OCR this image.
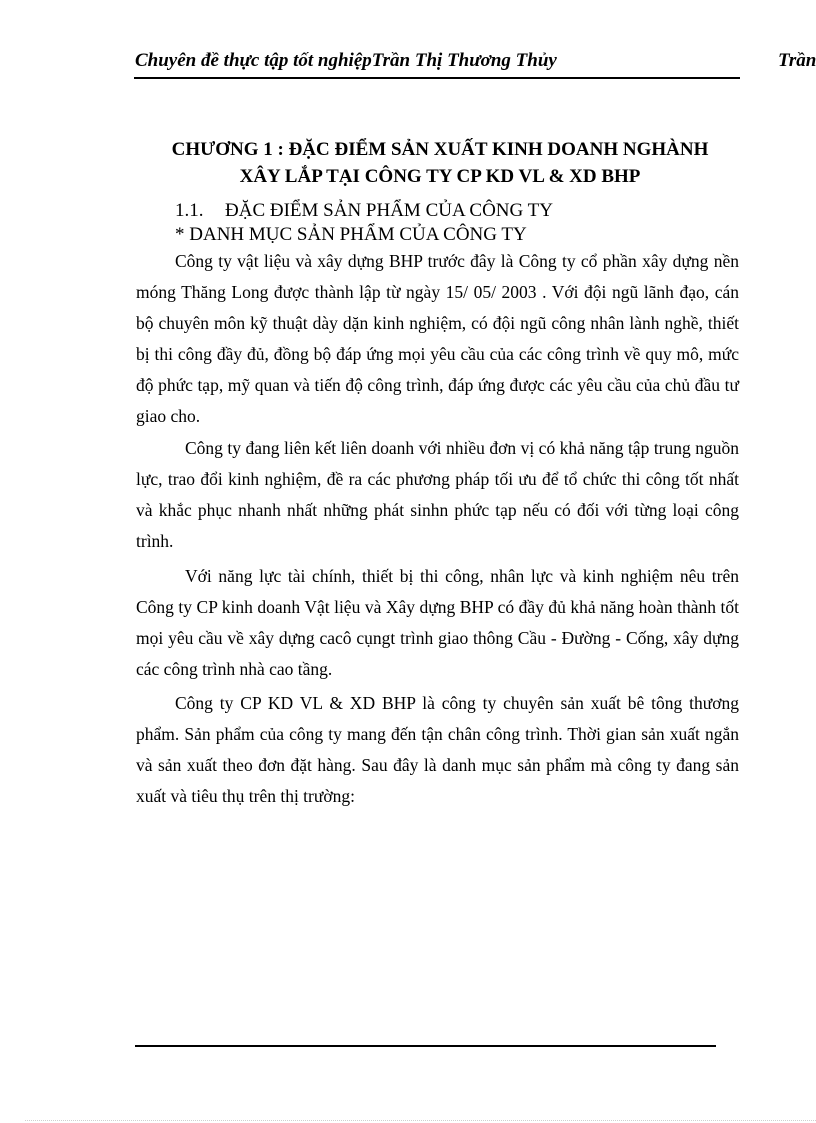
Chuyên đề thực tập tốt nghiệpTrần Thị Thương Thủy	Trần
CHƯƠNG 1 : ĐẶC ĐIỂM SẢN XUẤT KINH DOANH NGHÀNH
XÂY LẮP TẠI CÔNG TY CP KD VL & XD BHP
1.1. ĐẶC ĐIỂM SẢN PHẨM CỦA CÔNG TY
* DANH MỤC SẢN PHẨM CỦA CÔNG TY

Công ty vật liệu và xây dựng BHP trước đây là Công ty cổ phần xây dựng nền móng Thăng Long được thành lập từ ngày 15/ 05/ 2003 . Với đội ngũ lãnh đạo, cán bộ chuyên môn kỹ thuật dày dặn kinh nghiệm, có đội ngũ công nhân lành nghề, thiết bị thi công đầy đủ, đồng bộ đáp ứng mọi yêu cầu của các công trình về quy mô, mức độ phức tạp, mỹ quan và tiến độ công trình, đáp ứng được các yêu cầu của chủ đầu tư giao cho.

Công ty đang liên kết liên doanh với nhiều đơn vị có khả năng tập trung nguồn lực, trao đổi kinh nghiệm, đề ra các phương pháp tối ưu để tổ chức thi công tốt nhất và khắc phục nhanh nhất những phát sinhn phức tạp nếu có đối với từng loại công trình.

Với năng lực tài chính, thiết bị thi công, nhân lực và kinh nghiệm nêu trên Công ty CP kinh doanh Vật liệu và Xây dựng BHP có đầy đủ khả năng hoàn thành tốt mọi yêu cầu về xây dựng cacô cụngt trình giao thông Cầu - Đường - Cống, xây dựng các công trình nhà cao tầng.

Công ty CP KD VL & XD BHP là công ty chuyên sản xuất bê tông thương phẩm. Sản phẩm của công ty mang đến tận chân công trình. Thời gian sản xuất ngắn và sản xuất theo đơn đặt hàng. Sau đây là danh mục sản phẩm mà công ty đang sản xuất và tiêu thụ trên thị trường:
